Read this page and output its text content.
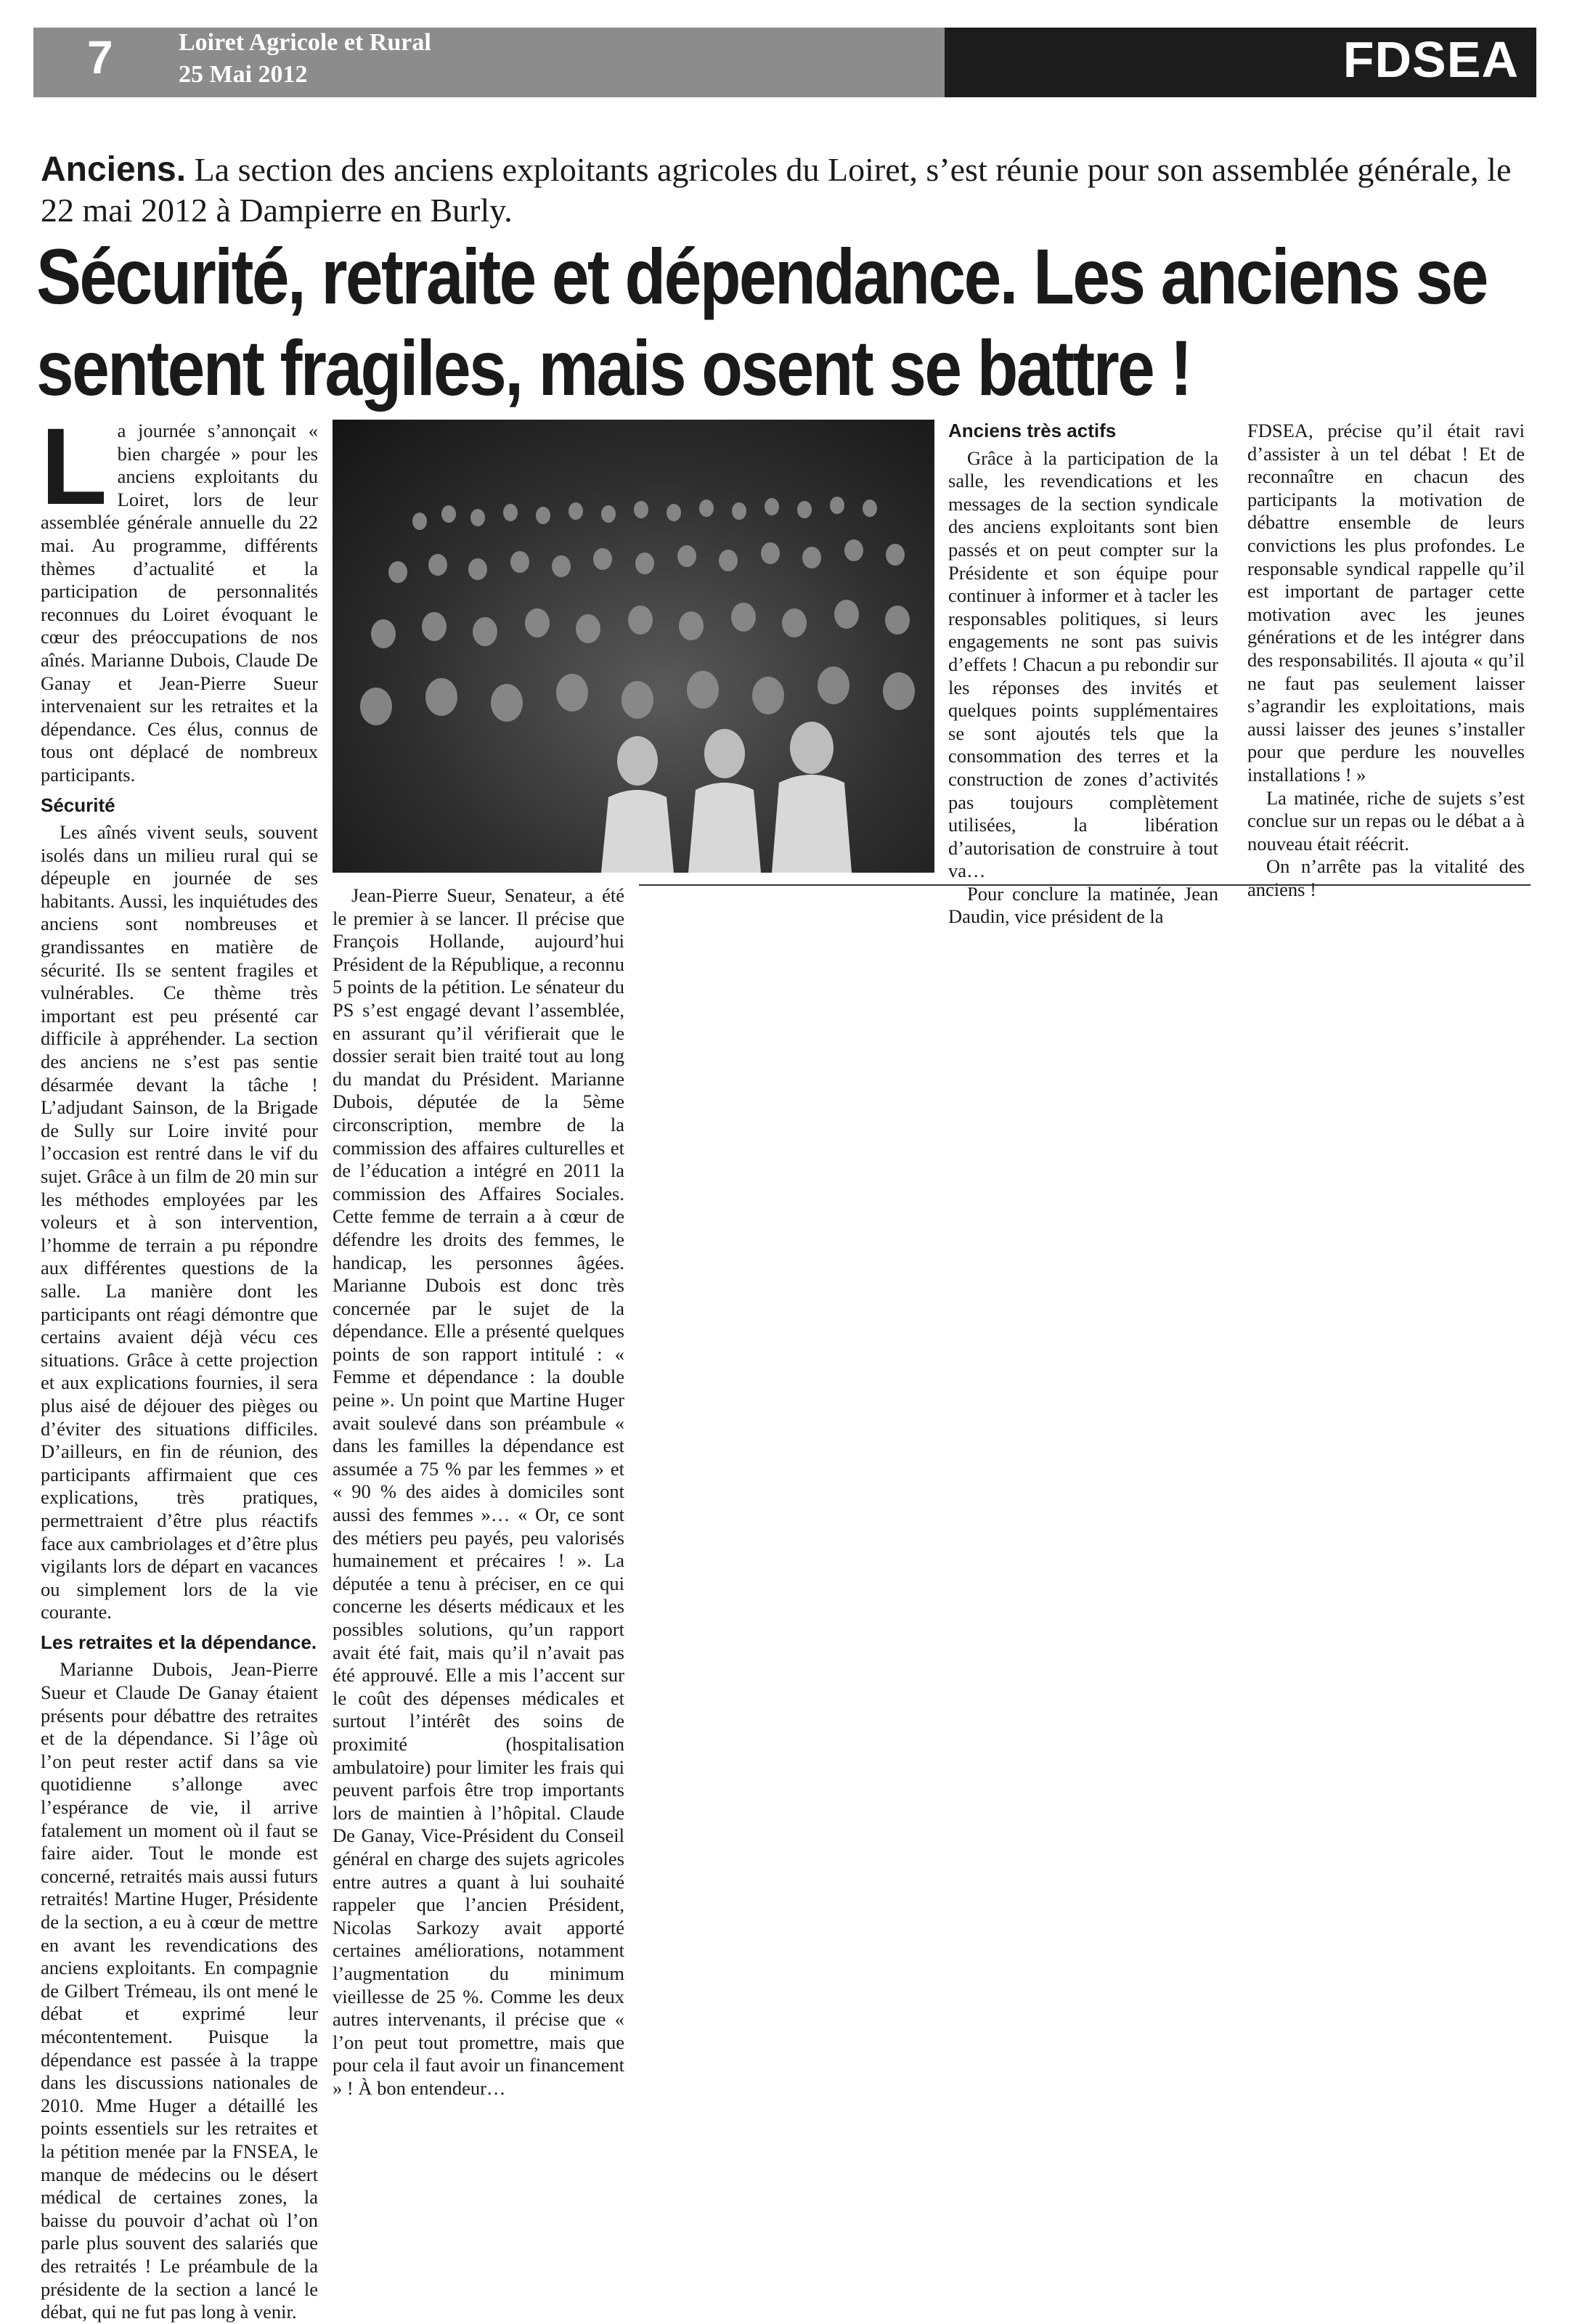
7	Loiret Agricole et Rural
25 Mai 2012	FDSEA
Anciens. La section des anciens exploitants agricoles du Loiret, s’est réunie pour son assemblée générale, le 22 mai 2012 à Dampierre en Burly.
Sécurité, retraite et dépendance. Les anciens se sentent fragiles, mais osent se battre !

La journée s’annonçait « bien chargée » pour les anciens exploitants du Loiret, lors de leur assemblée générale annuelle du 22 mai. Au programme, différents thèmes d’actualité et la participation de personnalités reconnues du Loiret évoquant le cœur des préoccupations de nos aînés. Marianne Dubois, Claude De Ganay et Jean-Pierre Sueur intervenaient sur les retraites et la dépendance. Ces élus, connus de tous ont déplacé de nombreux participants.

Sécurité

Les aînés vivent seuls, souvent isolés dans un milieu rural qui se dépeuple en journée de ses habitants. Aussi, les inquiétudes des anciens sont nombreuses et grandissantes en matière de sécurité. Ils se sentent fragiles et vulnérables. Ce thème très important est peu présenté car difficile à appréhender. La section des anciens ne s’est pas sentie désarmée devant la tâche ! L’adjudant Sainson, de la Brigade de Sully sur Loire invité pour l’occasion est rentré dans le vif du sujet. Grâce à un film de 20 min sur les méthodes employées par les voleurs et à son intervention, l’homme de terrain a pu répondre aux différentes questions de la salle. La manière dont les participants ont réagi démontre que certains avaient déjà vécu ces situations. Grâce à cette projection et aux explications fournies, il sera plus aisé de déjouer des pièges ou d’éviter des situations difficiles. D’ailleurs, en fin de réunion, des participants affirmaient que ces explications, très pratiques, permettraient d’être plus réactifs face aux cambriolages et d’être plus vigilants lors de départ en vacances ou simplement lors de la vie courante.

Les retraites et la dépendance.

Marianne Dubois, Jean-Pierre Sueur et Claude De Ganay étaient présents pour débattre des retraites et de la dépendance. Si l’âge où l’on peut rester actif dans sa vie quotidienne s’allonge avec l’espérance de vie, il arrive fatalement un moment où il faut se faire aider. Tout le monde est concerné, retraités mais aussi futurs retraités! Martine Huger, Présidente de la section, a eu à cœur de mettre en avant les revendications des anciens exploitants. En compagnie de Gilbert Trémeau, ils ont mené le débat et exprimé leur mécontentement. Puisque la dépendance est passée à la trappe dans les discussions nationales de 2010. Mme Huger a détaillé les points essentiels sur les retraites et la pétition menée par la FNSEA, le manque de médecins ou le désert médical de certaines zones, la baisse du pouvoir d’achat où l’on parle plus souvent des salariés que des retraités ! Le préambule de la présidente de la section a lancé le débat, qui ne fut pas long à venir.

Jean-Pierre Sueur, Senateur, a été le premier à se lancer. Il précise que François Hollande, aujourd’hui Président de la République, a reconnu 5 points de la pétition. Le sénateur du PS s’est engagé devant l’assemblée, en assurant qu’il vérifierait que le dossier serait bien traité tout au long du mandat du Président. Marianne Dubois, députée de la 5ème circonscription, membre de la commission des affaires culturelles et de l’éducation a intégré en 2011 la commission des Affaires Sociales. Cette femme de terrain a à cœur de défendre les droits des femmes, le handicap, les personnes âgées. Marianne Dubois est donc très concernée par le sujet de la dépendance. Elle a présenté quelques points de son rapport intitulé : « Femme et dépendance : la double peine ». Un point que Martine Huger avait soulevé dans son préambule « dans les familles la dépendance est assumée a 75 % par les femmes » et « 90 % des aides à domiciles sont aussi des femmes »… « Or, ce sont des métiers peu payés, peu valorisés humainement et précaires ! ». La députée a tenu à préciser, en ce qui concerne les déserts médicaux et les possibles solutions, qu’un rapport avait été fait, mais qu’il n’avait pas été approuvé. Elle a mis l’accent sur le coût des dépenses médicales et surtout l’intérêt des soins de proximité (hospitalisation ambulatoire) pour limiter les frais qui peuvent parfois être trop importants lors de maintien à l’hôpital. Claude De Ganay, Vice-Président du Conseil général en charge des sujets agricoles entre autres a quant à lui souhaité rappeler que l’ancien Président, Nicolas Sarkozy avait apporté certaines améliorations, notamment l’augmentation du minimum vieillesse de 25 %. Comme les deux autres intervenants, il précise que « l’on peut tout promettre, mais que pour cela il faut avoir un financement » ! À bon entendeur…

Anciens très actifs

Grâce à la participation de la salle, les revendications et les messages de la section syndicale des anciens exploitants sont bien passés et on peut compter sur la Présidente et son équipe pour continuer à informer et à tacler les responsables politiques, si leurs engagements ne sont pas suivis d’effets ! Chacun a pu rebondir sur les réponses des invités et quelques points supplémentaires se sont ajoutés tels que la consommation des terres et la construction de zones d’activités pas toujours complètement utilisées, la libération d’autorisation de construire à tout va…

Pour conclure la matinée, Jean Daudin, vice président de la

FDSEA, précise qu’il était ravi d’assister à un tel débat ! Et de reconnaître en chacun des participants la motivation de débattre ensemble de leurs convictions les plus profondes. Le responsable syndical rappelle qu’il est important de partager cette motivation avec les jeunes générations et de les intégrer dans des responsabilités. Il ajouta « qu’il ne faut pas seulement laisser s’agrandir les exploitations, mais aussi laisser des jeunes s’installer pour que perdure les nouvelles installations ! »

La matinée, riche de sujets s’est conclue sur un repas ou le débat a à nouveau était réécrit.

On n’arrête pas la vitalité des anciens !
